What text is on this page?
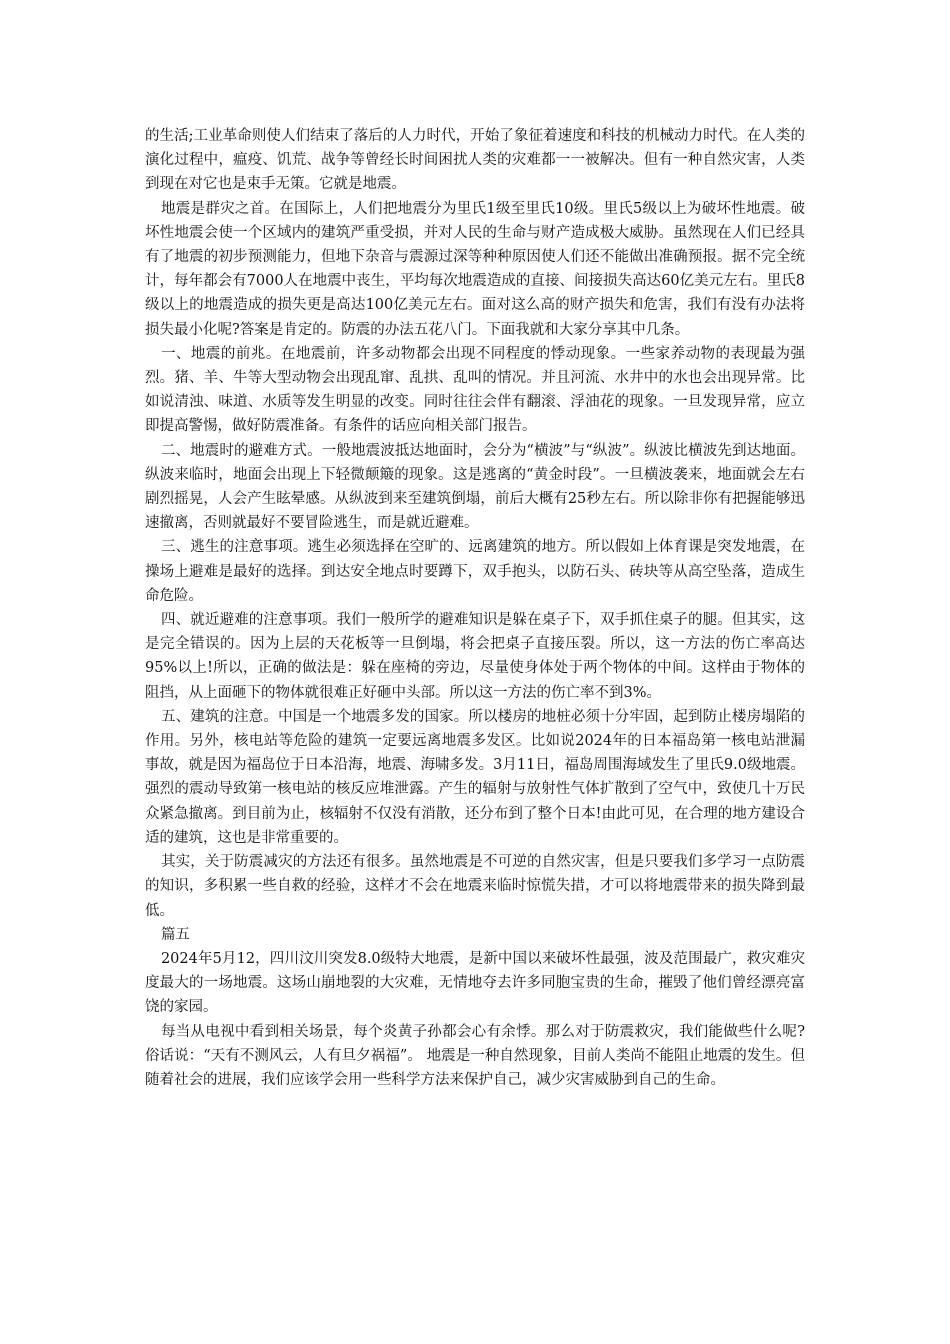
的生活;工业革命则使人们结束了落后的人力时代，开始了象征着速度和科技的机械动力时代。在人类的演化过程中，瘟疫、饥荒、战争等曾经长时间困扰人类的灾难都一一被解决。但有一种自然灾害，人类到现在对它也是束手无策。它就是地震。

地震是群灾之首。在国际上，人们把地震分为里氏1级至里氏10级。里氏5级以上为破坏性地震。破坏性地震会使一个区域内的建筑严重受损，并对人民的生命与财产造成极大威胁。虽然现在人们已经具有了地震的初步预测能力，但地下杂音与震源过深等种种原因使人们还不能做出准确预报。据不完全统计，每年都会有7000人在地震中丧生，平均每次地震造成的直接、间接损失高达60亿美元左右。里氏8级以上的地震造成的损失更是高达100亿美元左右。面对这么高的财产损失和危害，我们有没有办法将损失最小化呢?答案是肯定的。防震的办法五花八门。下面我就和大家分享其中几条。

一、地震的前兆。在地震前，许多动物都会出现不同程度的悸动现象。一些家养动物的表现最为强烈。猪、羊、牛等大型动物会出现乱窜、乱拱、乱叫的情况。并且河流、水井中的水也会出现异常。比如说清浊、味道、水质等发生明显的改变。同时往往会伴有翻滚、浮油花的现象。一旦发现异常，应立即提高警惕，做好防震准备。有条件的话应向相关部门报告。

二、地震时的避难方式。一般地震波抵达地面时，会分为“横波”与“纵波”。纵波比横波先到达地面。纵波来临时，地面会出现上下轻微颠簸的现象。这是逃离的“黄金时段”。一旦横波袭来，地面就会左右剧烈摇晃，人会产生眩晕感。从纵波到来至建筑倒塌，前后大概有25秒左右。所以除非你有把握能够迅速撤离，否则就最好不要冒险逃生，而是就近避难。

三、逃生的注意事项。逃生必须选择在空旷的、远离建筑的地方。所以假如上体育课是突发地震，在操场上避难是最好的选择。到达安全地点时要蹲下，双手抱头，以防石头、砖块等从高空坠落，造成生命危险。

四、就近避难的注意事项。我们一般所学的避难知识是躲在桌子下，双手抓住桌子的腿。但其实，这是完全错误的。因为上层的天花板等一旦倒塌，将会把桌子直接压裂。所以，这一方法的伤亡率高达95%以上!所以，正确的做法是：躲在座椅的旁边，尽量使身体处于两个物体的中间。这样由于物体的阻挡，从上面砸下的物体就很难正好砸中头部。所以这一方法的伤亡率不到3%。

五、建筑的注意。中国是一个地震多发的国家。所以楼房的地桩必须十分牢固，起到防止楼房塌陷的作用。另外，核电站等危险的建筑一定要远离地震多发区。比如说2024年的日本福岛第一核电站泄漏事故，就是因为福岛位于日本沿海，地震、海啸多发。3月11日，福岛周围海域发生了里氏9.0级地震。强烈的震动导致第一核电站的核反应堆泄露。产生的辐射与放射性气体扩散到了空气中，致使几十万民众紧急撤离。到目前为止，核辐射不仅没有消散，还分布到了整个日本!由此可见，在合理的地方建设合适的建筑，这也是非常重要的。

其实，关于防震减灾的方法还有很多。虽然地震是不可逆的自然灾害，但是只要我们多学习一点防震的知识，多积累一些自救的经验，这样才不会在地震来临时惊慌失措，才可以将地震带来的损失降到最低。

篇五

2024年5月12，四川汶川突发8.0级特大地震，是新中国以来破坏性最强，波及范围最广，救灾难灾度最大的一场地震。这场山崩地裂的大灾难，无情地夺去许多同胞宝贵的生命，摧毁了他们曾经漂亮富饶的家园。

每当从电视中看到相关场景，每个炎黄子孙都会心有余悸。那么对于防震救灾，我们能做些什么呢?俗话说：“天有不测风云，人有旦夕祸福”。 地震是一种自然现象，目前人类尚不能阻止地震的发生。但随着社会的进展，我们应该学会用一些科学方法来保护自己，减少灾害威胁到自己的生命。
